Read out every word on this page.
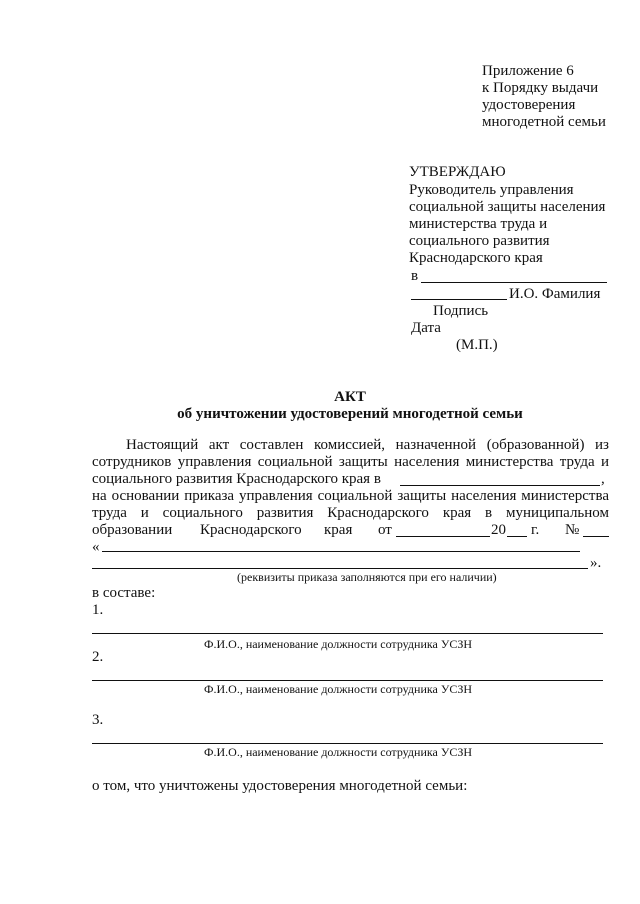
Приложение 6
к Порядку выдачи
удостоверения
многодетной семьи
УТВЕРЖДАЮ
Руководитель управления
социальной защиты населения
министерства труда и
социального развития
Краснодарского края
в
И.О. Фамилия
Подпись
Дата
(М.П.)
АКТ
об уничтожении удостоверений многодетной семьи
Настоящий акт составлен комиссией, назначенной (образованной) из
сотрудников управления социальной защиты населения министерства труда и
социального развития Краснодарского края в	,
на основании приказа управления социальной защиты населения министерства
труда и социального развития Краснодарского края в муниципальном
образовании Краснодарского края от	20 г. №
«
».
(реквизиты приказа заполняются при его наличии)
в составе:
1.
Ф.И.О., наименование должности сотрудника УСЗН
2.
Ф.И.О., наименование должности сотрудника УСЗН
3.
Ф.И.О., наименование должности сотрудника УСЗН
о том, что уничтожены удостоверения многодетной семьи:
